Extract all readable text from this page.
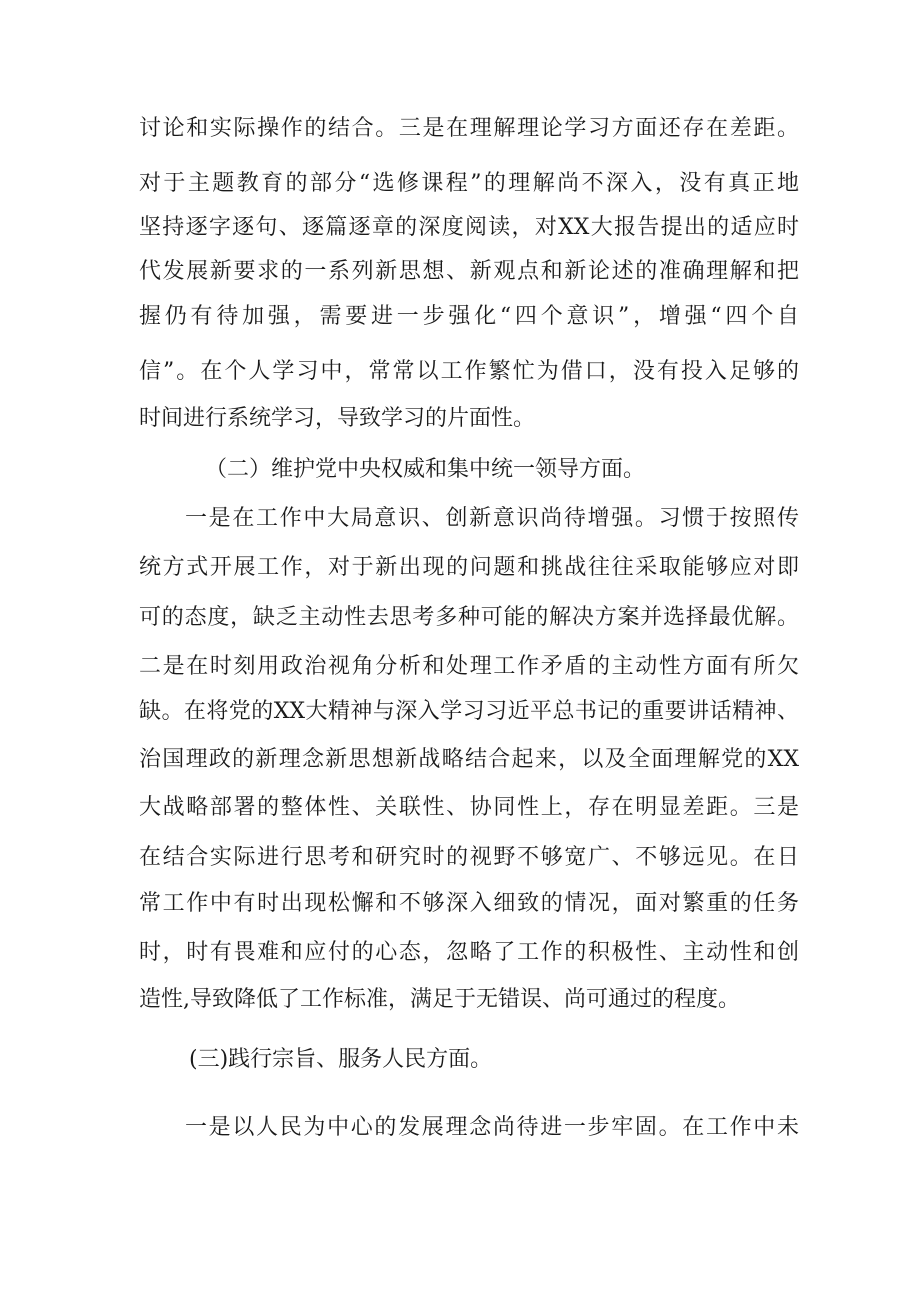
讨论和实际操作的结合。三是在理解理论学习方面还存在差距。
对于主题教育的部分“选修课程”的理解尚不深入，没有真正地
坚持逐字逐句、逐篇逐章的深度阅读，对XX大报告提出的适应时
代发展新要求的一系列新思想、新观点和新论述的准确理解和把
握仍有待加强，需要进一步强化“四个意识”，增强“四个自
信”。在个人学习中，常常以工作繁忙为借口，没有投入足够的
时间进行系统学习，导致学习的片面性。
（二）维护党中央权威和集中统一领导方面。
一是在工作中大局意识、创新意识尚待增强。习惯于按照传
统方式开展工作，对于新出现的问题和挑战往往采取能够应对即
可的态度，缺乏主动性去思考多种可能的解决方案并选择最优解。
二是在时刻用政治视角分析和处理工作矛盾的主动性方面有所欠
缺。在将党的XX大精神与深入学习习近平总书记的重要讲话精神、
治国理政的新理念新思想新战略结合起来，以及全面理解党的XX
大战略部署的整体性、关联性、协同性上，存在明显差距。三是
在结合实际进行思考和研究时的视野不够宽广、不够远见。在日
常工作中有时出现松懈和不够深入细致的情况，面对繁重的任务
时，时有畏难和应付的心态，忽略了工作的积极性、主动性和创
造性,导致降低了工作标准，满足于无错误、尚可通过的程度。
(三)践行宗旨、服务人民方面。
一是以人民为中心的发展理念尚待进一步牢固。在工作中未
